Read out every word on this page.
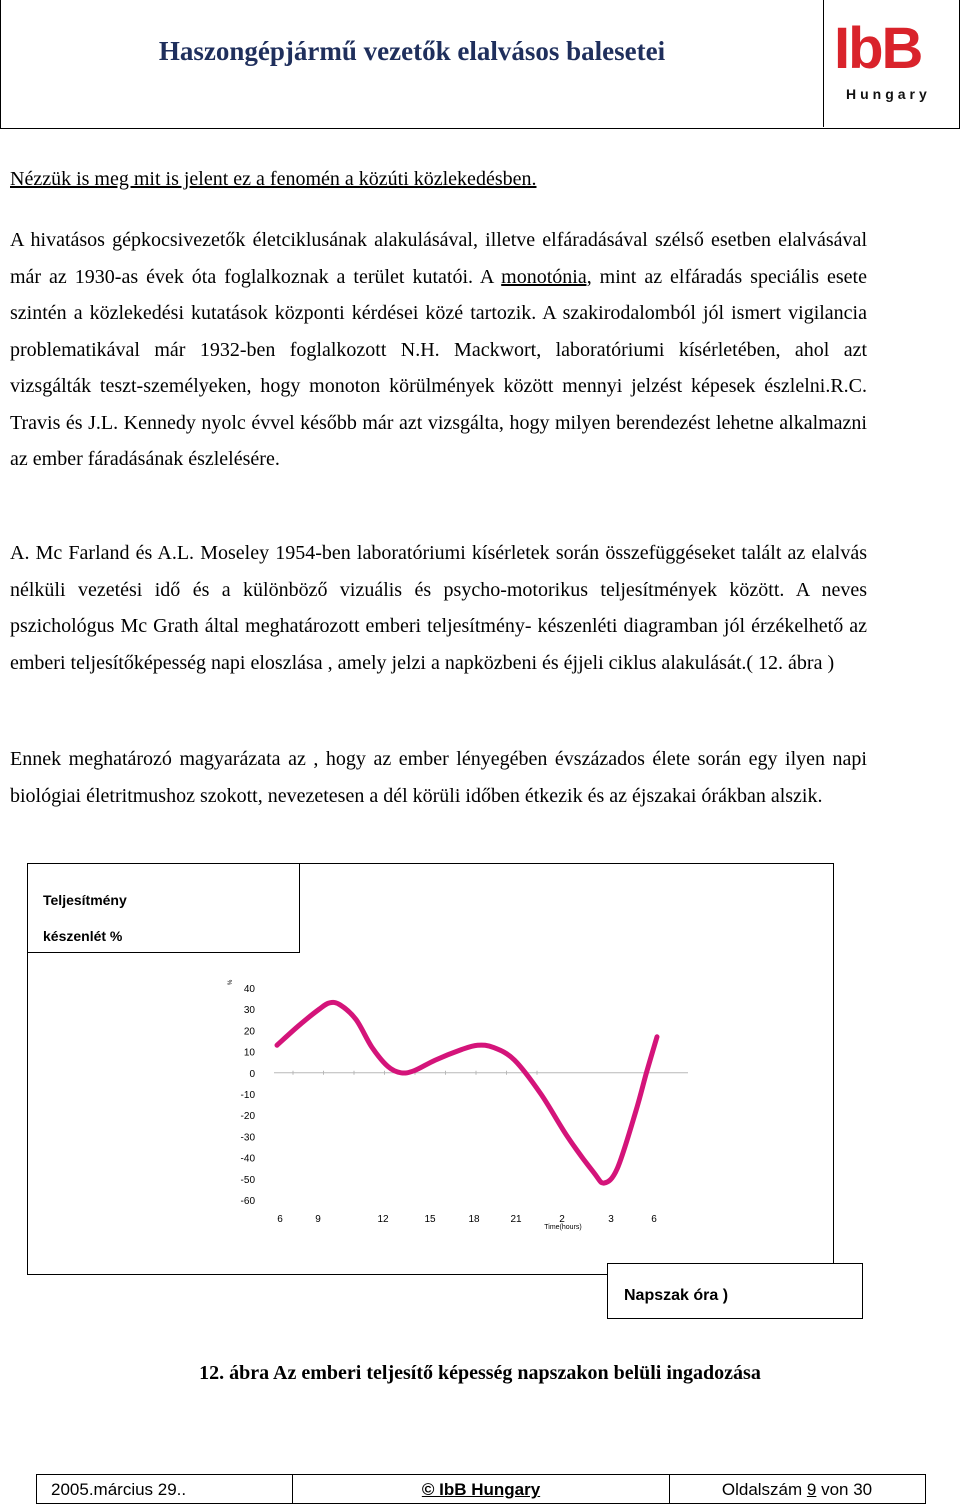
Haszongépjármű vezetők elalvásos balesetei	IbB
Hungary
Nézzük is meg mit is jelent ez a fenomén a közúti közlekedésben.
A hivatásos gépkocsivezetők életciklusának alakulásával, illetve elfáradásával szélső esetben elalvásával már az 1930-as évek óta foglalkoznak a terület kutatói. A monotónia, mint az elfáradás speciális esete szintén a közlekedési kutatások központi kérdései közé tartozik. A szakirodalomból jól ismert vigilancia problematikával már 1932-ben foglalkozott N.H. Mackwort, laboratóriumi kísérletében, ahol azt vizsgálták teszt-személyeken, hogy monoton körülmények között mennyi jelzést képesek észlelni.R.C. Travis és J.L. Kennedy nyolc évvel később már azt vizsgálta, hogy milyen berendezést lehetne alkalmazni az ember fáradásának észlelésére.
A. Mc Farland és A.L. Moseley 1954-ben laboratóriumi kísérletek során összefüggéseket talált az elalvás nélküli vezetési idő és a különböző vizuális és psycho-motorikus teljesítmények között. A neves pszichológus Mc Grath által meghatározott emberi teljesítmény- készenléti diagramban jól érzékelhető az emberi teljesítőképesség napi eloszlása , amely jelzi a napközbeni és éjjeli ciklus alakulását.( 12. ábra )
Ennek meghatározó magyarázata az , hogy az ember lényegében évszázados élete során egy ilyen napi biológiai életritmushoz szokott, nevezetesen a dél körüli időben étkezik és az éjszakai órákban alszik.
40
30
20
10
0
-10
-20
-30
-40
-50
-60
%
6	9	12	15	18	21	2	3	6
Time(hours)
Teljesítmény
készenlét %
Napszak óra )
12. ábra Az emberi teljesítő képesség napszakon belüli ingadozása
2005.március 29..	© IbB Hungary	Oldalszám 9 von 30
